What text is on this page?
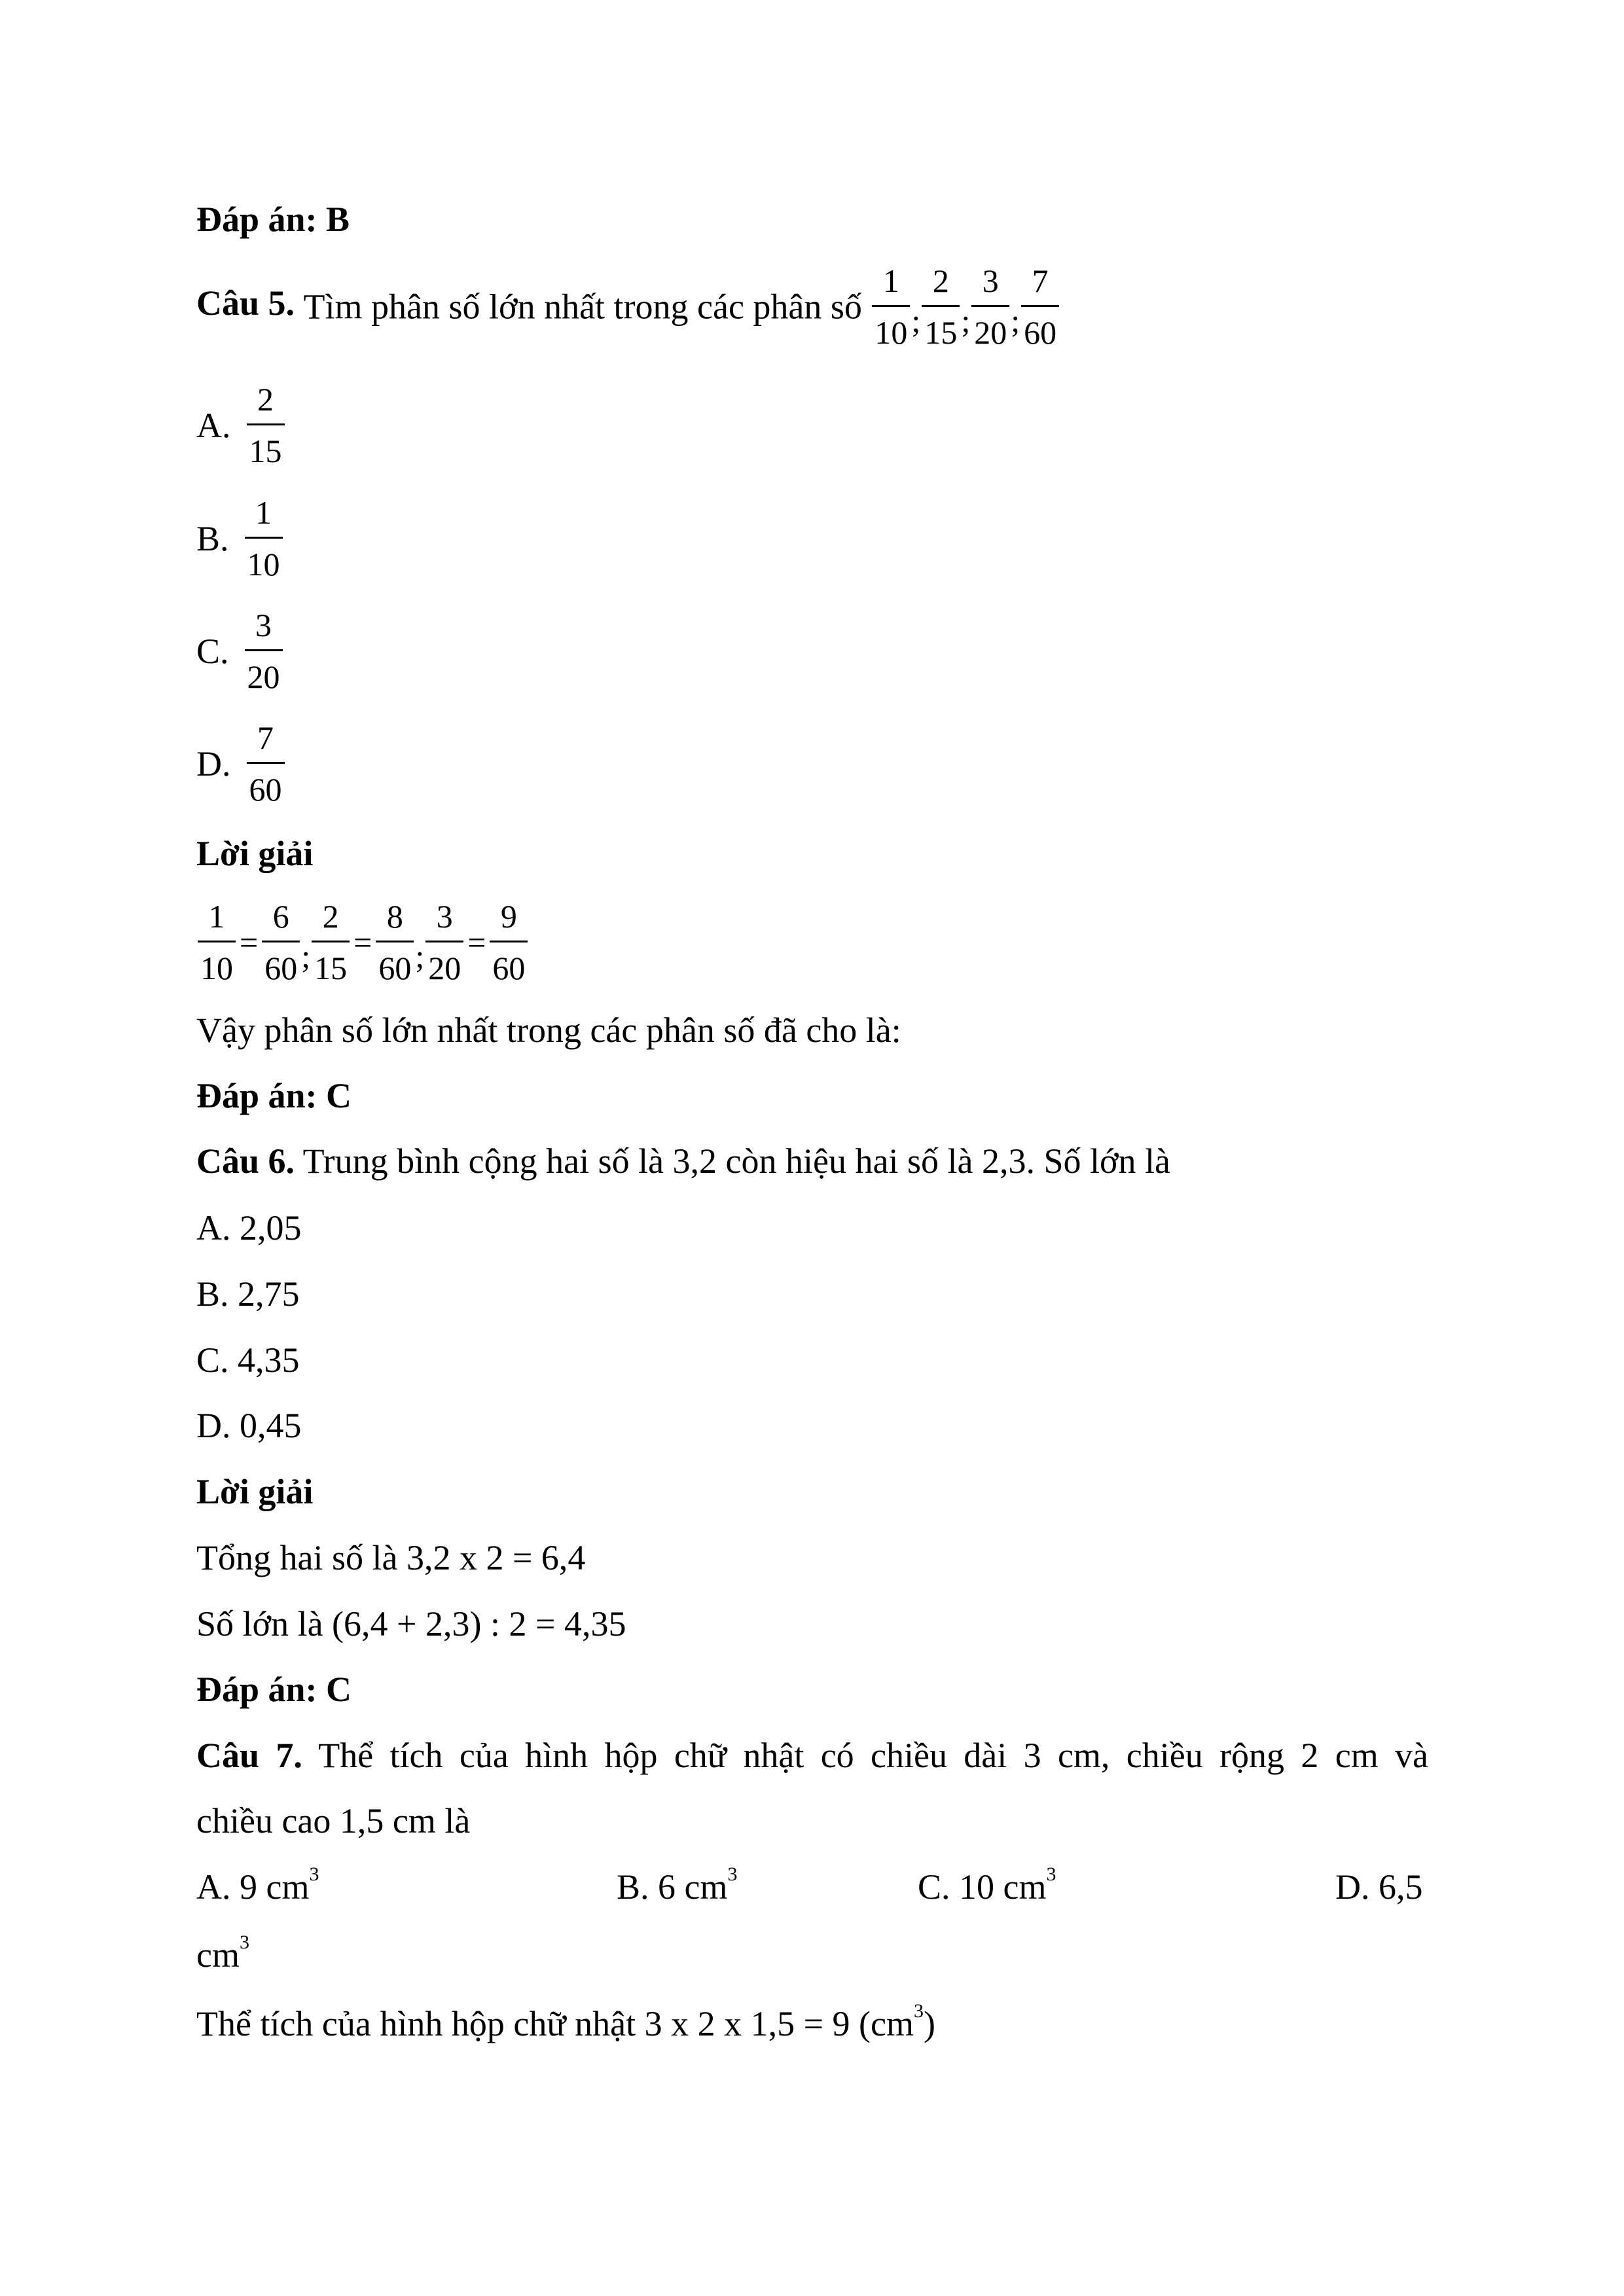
Đáp án: B
Câu 5. Tìm phân số lớn nhất trong các phân số $\frac{1}{10}$ ; $\frac{2}{15}$ ; $\frac{3}{20}$ ; $\frac{7}{60}$
A. $\frac{2}{15}$
B. $\frac{1}{10}$
C. $\frac{3}{20}$
D. $\frac{7}{60}$
Lời giải
$\frac{1}{10} = \frac{6}{60}$ ; $\frac{2}{15} = \frac{8}{60}$ ; $\frac{3}{20} = \frac{9}{60}$
Vậy phân số lớn nhất trong các phân số đã cho là:
Đáp án: C
Câu 6. Trung bình cộng hai số là 3,2 còn hiệu hai số là 2,3. Số lớn là
A. 2,05
B. 2,75
C. 4,35
D. 0,45
Lời giải
Tổng hai số là 3,2 x 2 = 6,4
Số lớn là (6,4 + 2,3) : 2 = 4,35
Đáp án: C
Câu 7. Thể tích của hình hộp chữ nhật có chiều dài 3 cm, chiều rộng 2 cm và
chiều cao 1,5 cm là
A. 9 $cm^3$	B. 6 $cm^3$	C. 10 $cm^3$	D. 6,5
$cm^3$
Thể tích của hình hộp chữ nhật 3 x 2 x 1,5 = 9 $(cm^3)$
